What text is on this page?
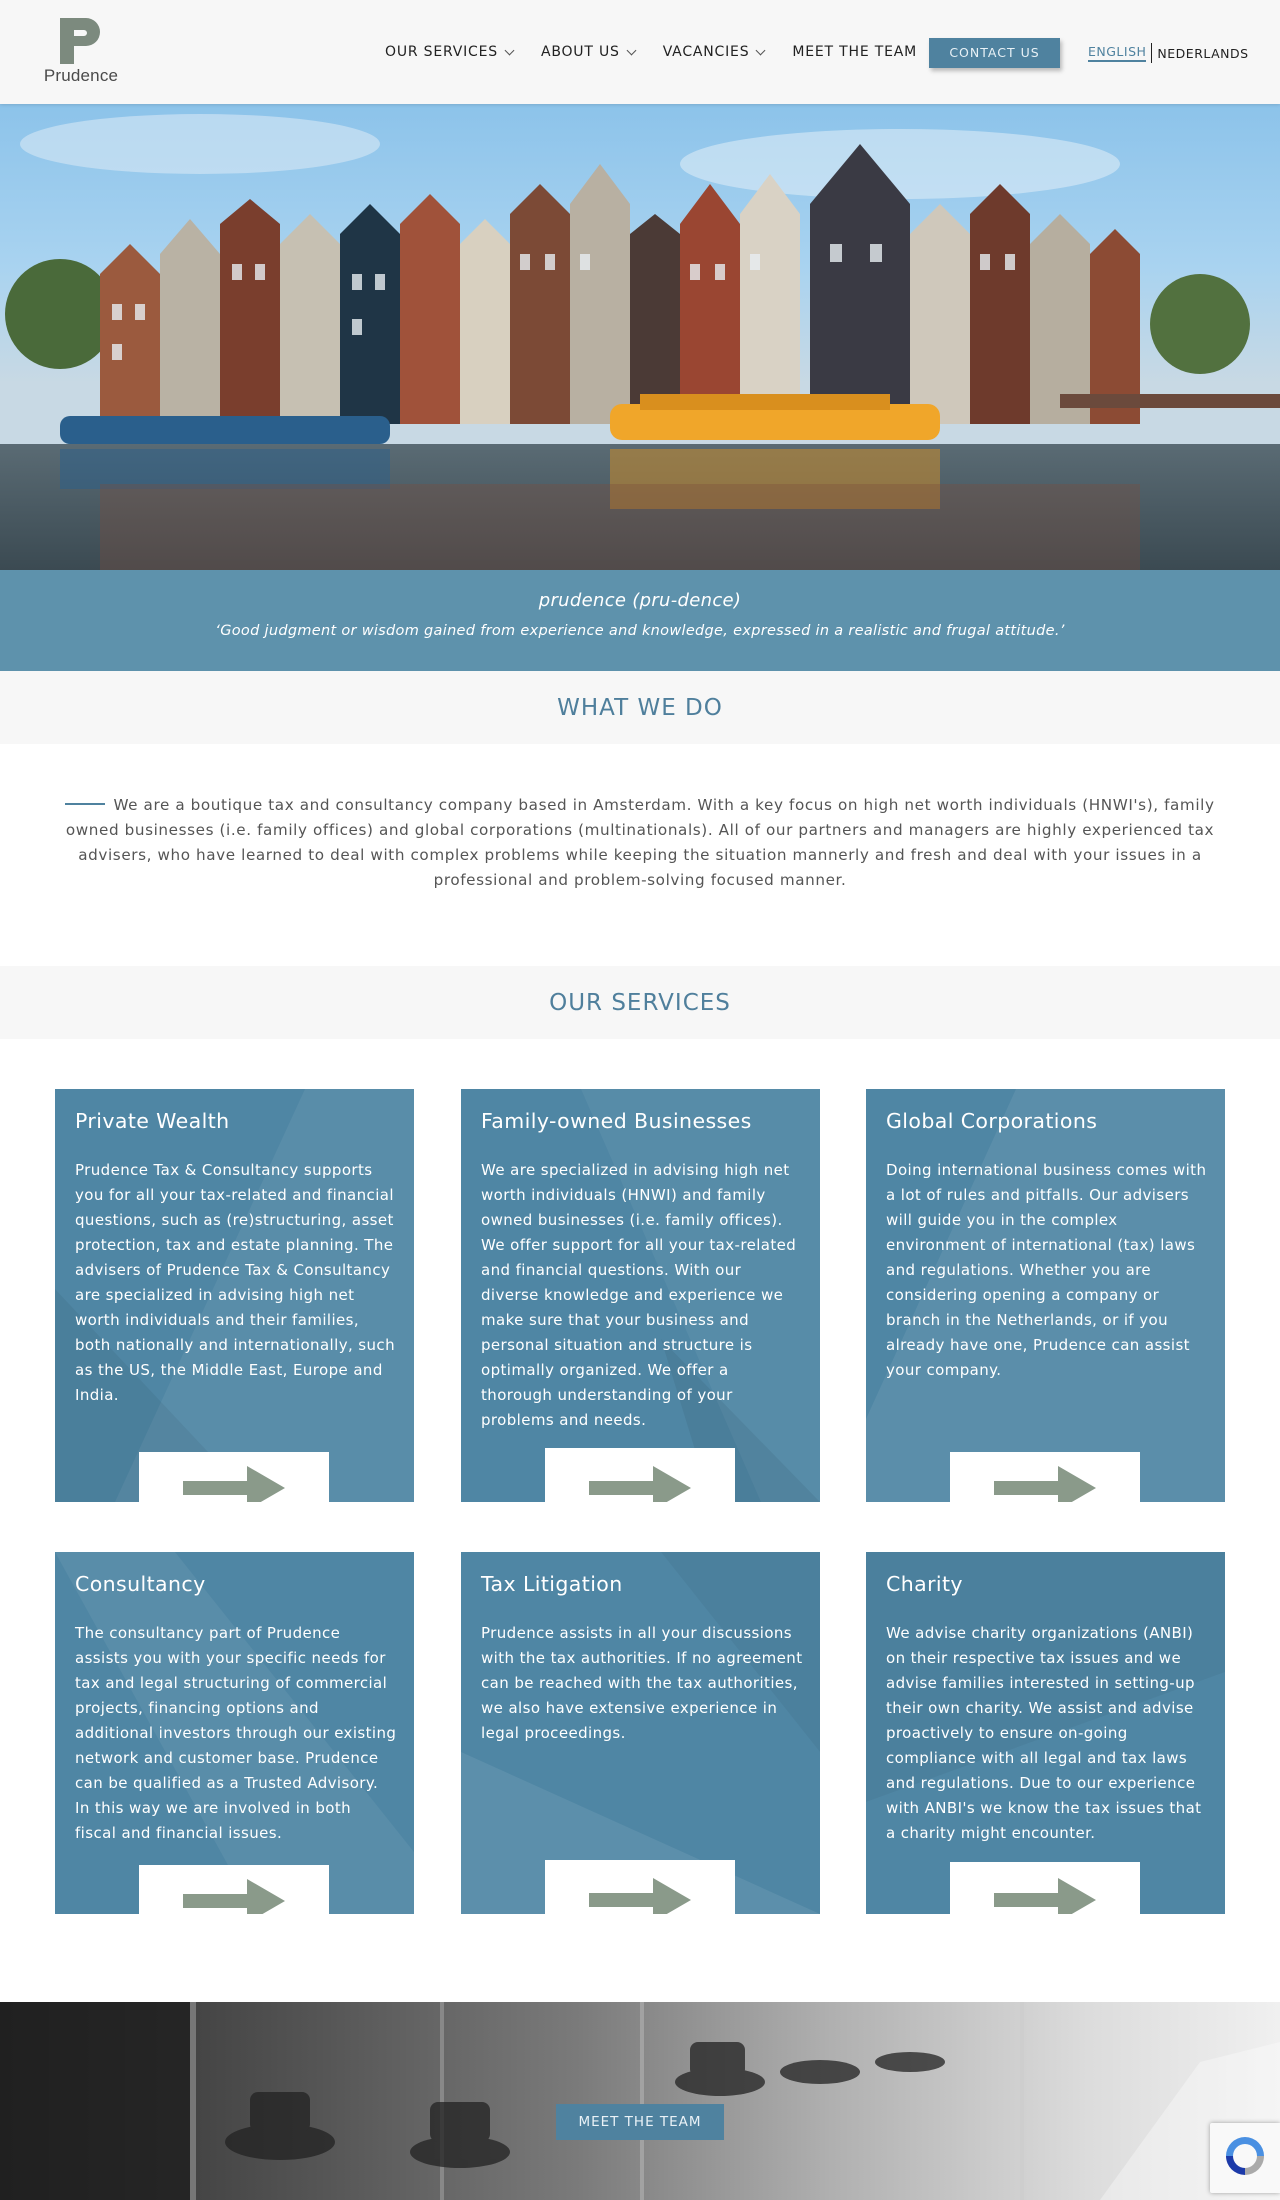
Prudence
OUR SERVICES	ABOUT US	VACANCIES	MEET THE TEAM	CONTACT US	ENGLISH NEDERLANDS
prudence (pru-dence)
‘Good judgment or wisdom gained from experience and knowledge, expressed in a realistic and frugal attitude.’
WHAT WE DO
We are a boutique tax and consultancy company based in Amsterdam. With a key focus on high net worth individuals (HNWI's), family owned businesses (i.e. family offices) and global corporations (multinationals). All of our partners and managers are highly experienced tax advisers, who have learned to deal with complex problems while keeping the situation mannerly and fresh and deal with your issues in a professional and problem-solving focused manner.
OUR SERVICES
Private Wealth
Prudence Tax & Consultancy supports you for all your tax-related and financial questions, such as (re)structuring, asset protection, tax and estate planning. The advisers of Prudence Tax & Consultancy are specialized in advising high net worth individuals and their families, both nationally and internationally, such as the US, the Middle East, Europe and India.
Family-owned Businesses
We are specialized in advising high net worth individuals (HNWI) and family owned businesses (i.e. family offices). We offer support for all your tax-related and financial questions. With our diverse knowledge and experience we make sure that your business and personal situation and structure is optimally organized. We offer a thorough understanding of your problems and needs.
Global Corporations
Doing international business comes with a lot of rules and pitfalls. Our advisers will guide you in the complex environment of international (tax) laws and regulations. Whether you are considering opening a company or branch in the Netherlands, or if you already have one, Prudence can assist your company.
Consultancy
The consultancy part of Prudence assists you with your specific needs for tax and legal structuring of commercial projects, financing options and additional investors through our existing network and customer base. Prudence can be qualified as a Trusted Advisory. In this way we are involved in both fiscal and financial issues.
Tax Litigation
Prudence assists in all your discussions with the tax authorities. If no agreement can be reached with the tax authorities, we also have extensive experience in legal proceedings.
Charity
We advise charity organizations (ANBI) on their respective tax issues and we advise families interested in setting-up their own charity. We assist and advise proactively to ensure on-going compliance with all legal and tax laws and regulations. Due to our experience with ANBI's we know the tax issues that a charity might encounter.
MEET THE TEAM
